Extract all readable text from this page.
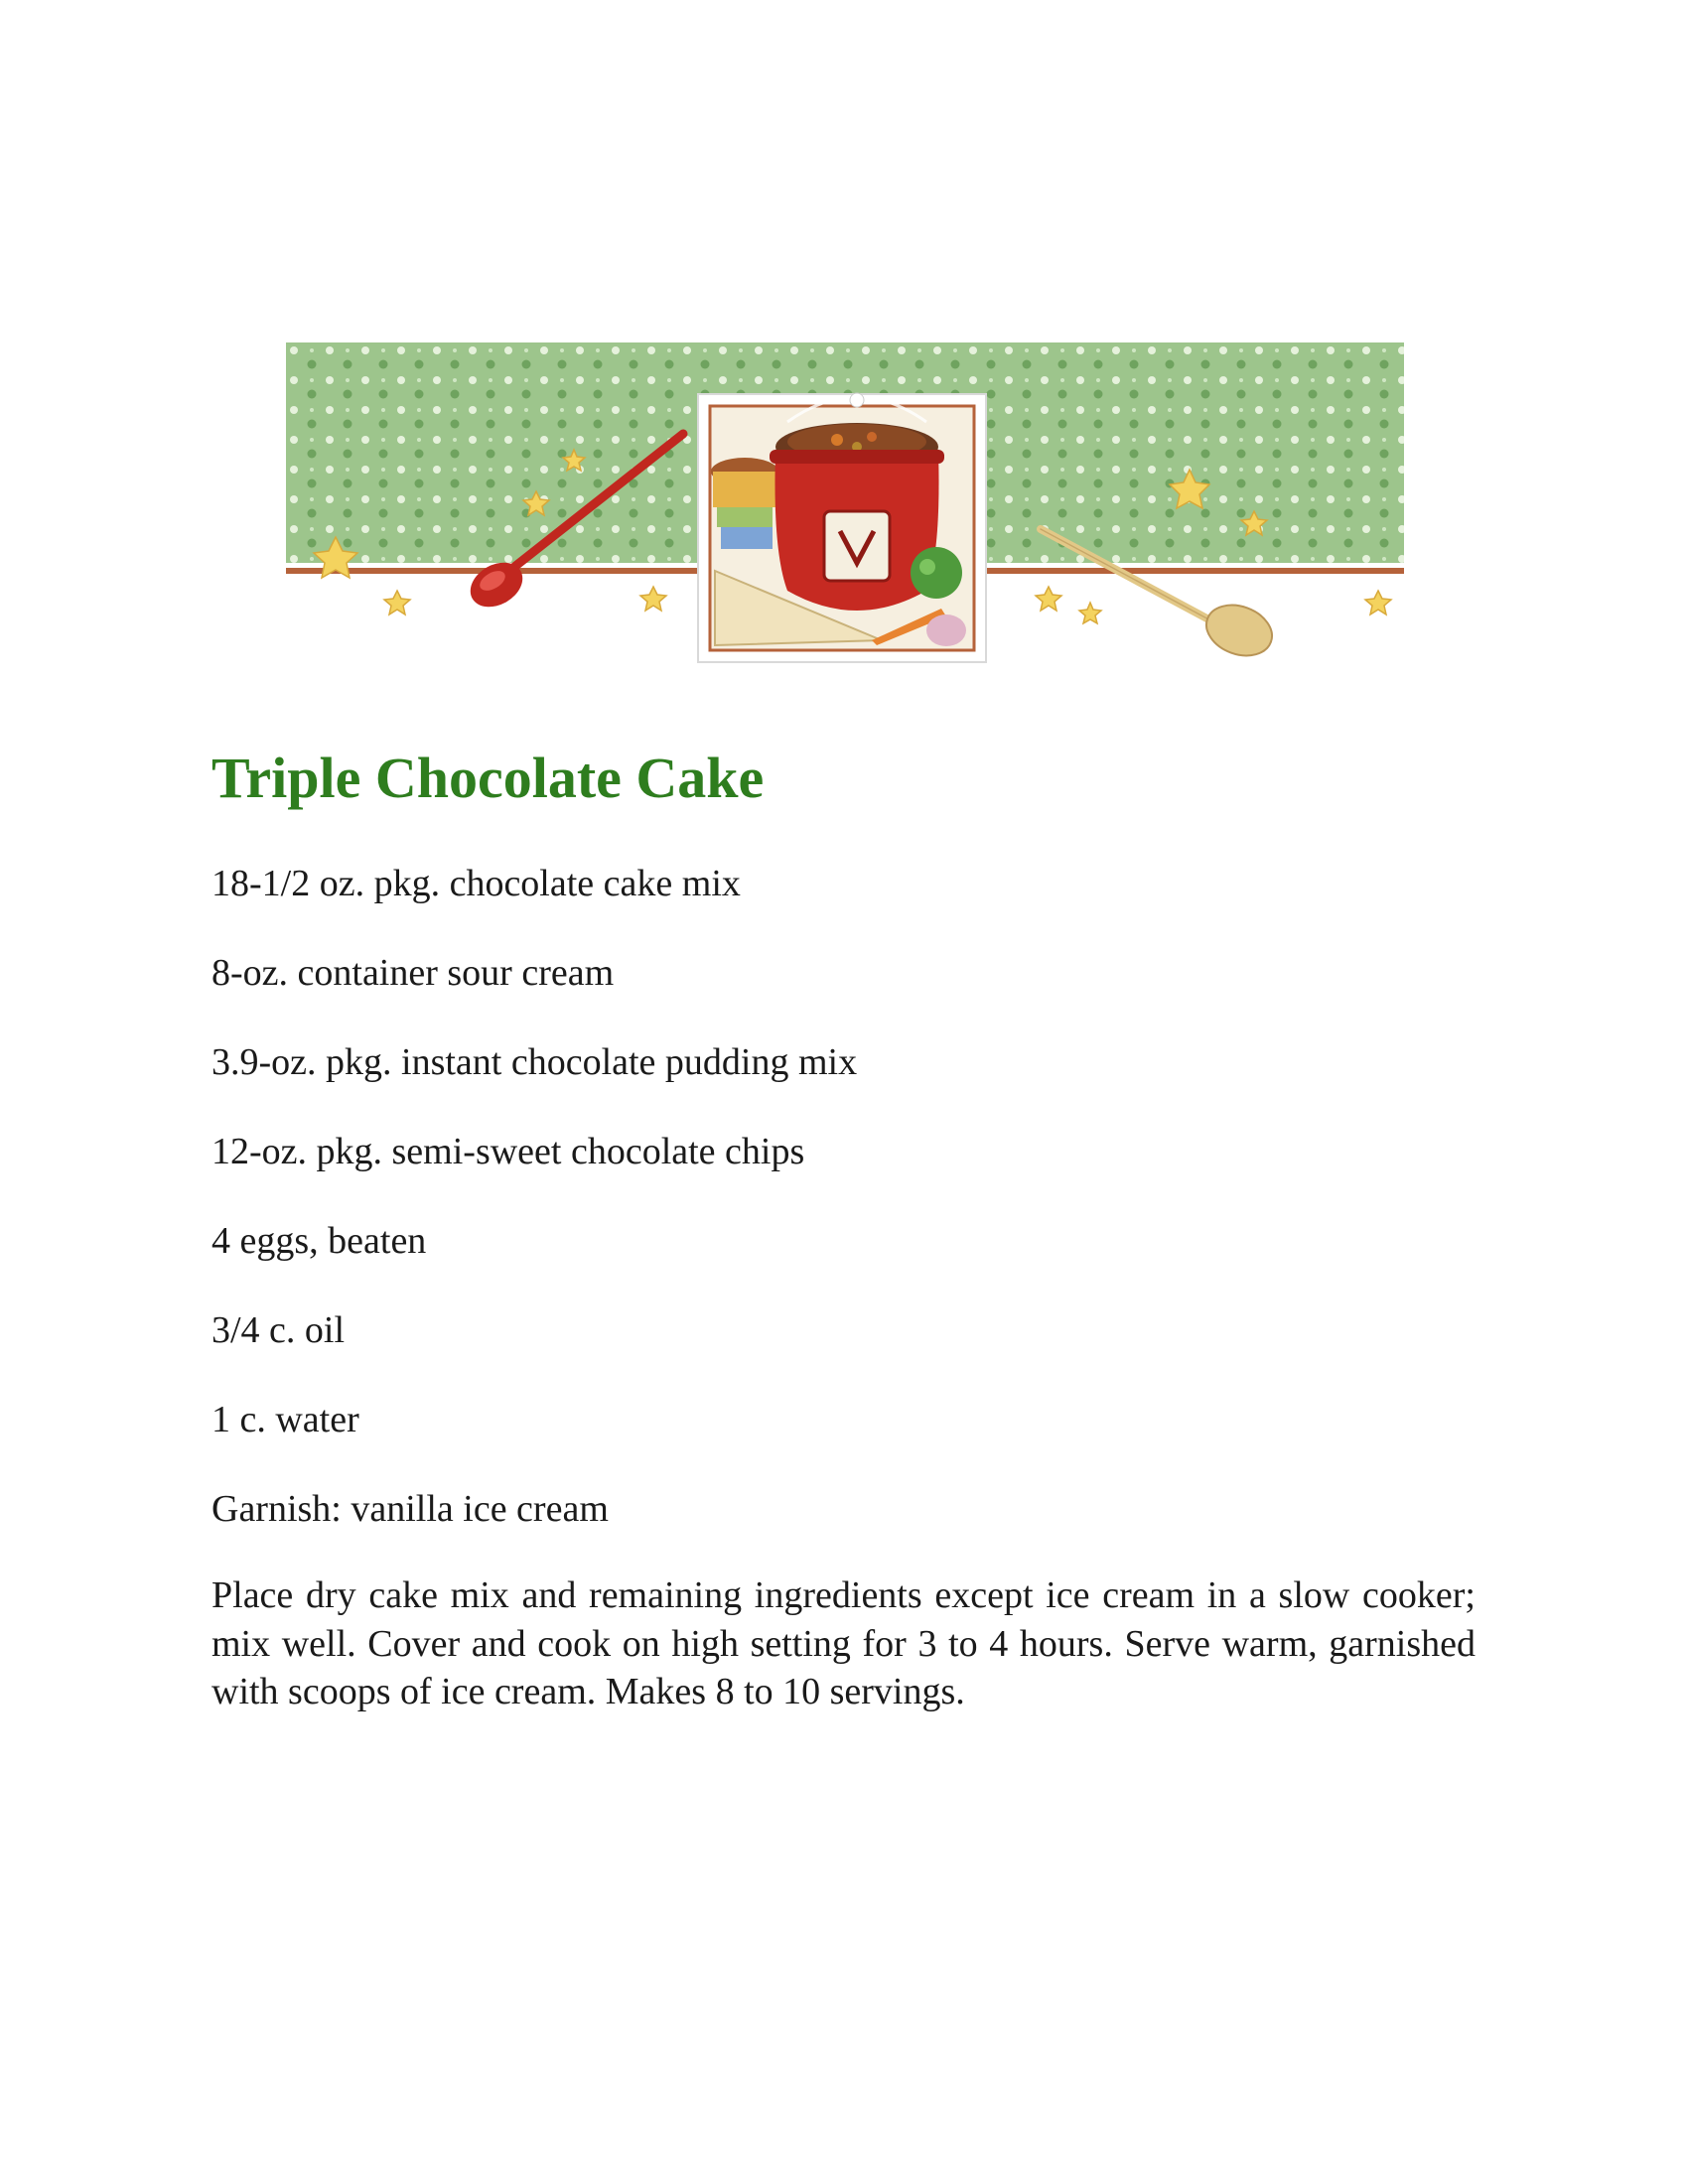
Triple Chocolate Cake
18-1/2 oz. pkg. chocolate cake mix
8-oz. container sour cream
3.9-oz. pkg. instant chocolate pudding mix
12-oz. pkg. semi-sweet chocolate chips
4 eggs, beaten
3/4 c. oil
1 c. water
Garnish: vanilla ice cream

Place dry cake mix and remaining ingredients except ice cream in a slow cooker; mix well. Cover and cook on high setting for 3 to 4 hours. Serve warm, garnished with scoops of ice cream. Makes 8 to 10 servings.
